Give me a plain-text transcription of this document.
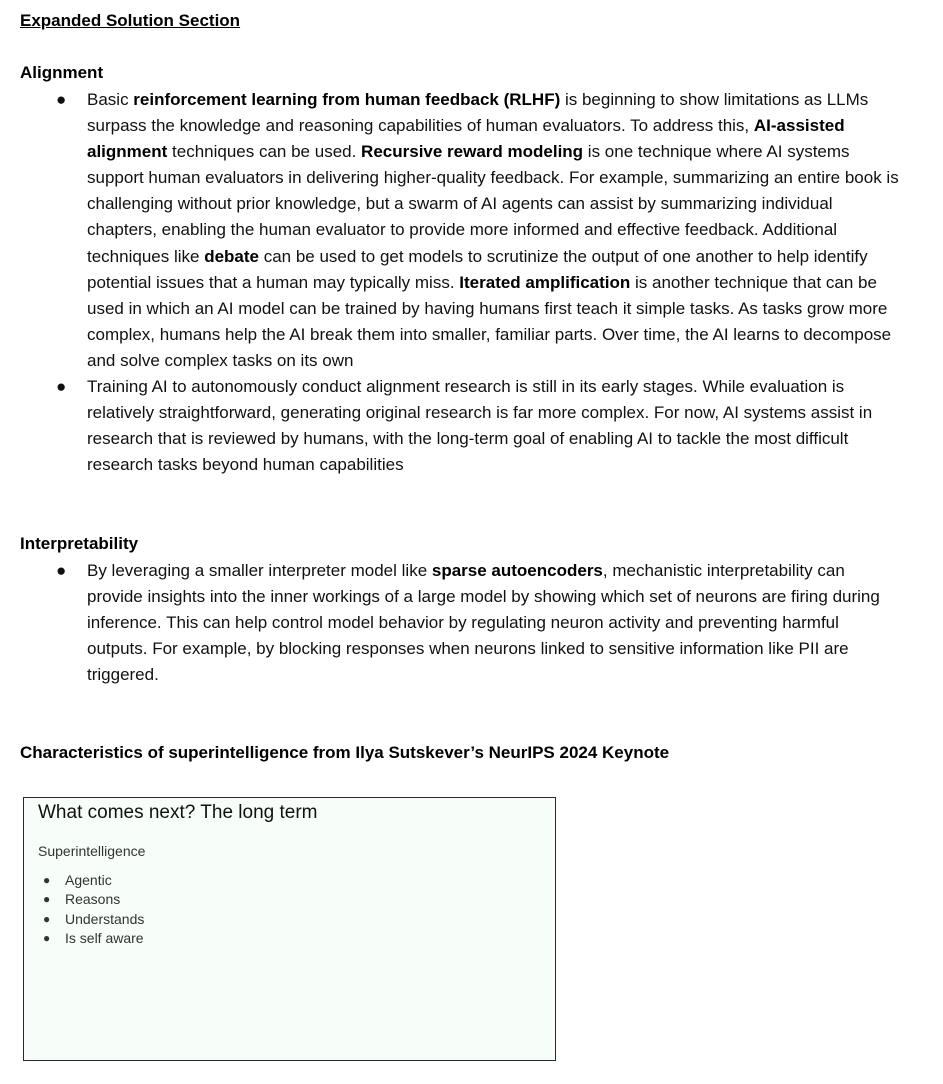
Expanded Solution Section
Alignment
● Basic reinforcement learning from human feedback (RLHF) is beginning to show limitations as LLMs surpass the knowledge and reasoning capabilities of human evaluators. To address this, AI-assisted alignment techniques can be used. Recursive reward modeling is one technique where AI systems support human evaluators in delivering higher-quality feedback. For example, summarizing an entire book is challenging without prior knowledge, but a swarm of AI agents can assist by summarizing individual chapters, enabling the human evaluator to provide more informed and effective feedback. Additional techniques like debate can be used to get models to scrutinize the output of one another to help identify potential issues that a human may typically miss. Iterated amplification is another technique that can be used in which an AI model can be trained by having humans first teach it simple tasks. As tasks grow more complex, humans help the AI break them into smaller, familiar parts. Over time, the AI learns to decompose and solve complex tasks on its own
● Training AI to autonomously conduct alignment research is still in its early stages. While evaluation is relatively straightforward, generating original research is far more complex. For now, AI systems assist in research that is reviewed by humans, with the long-term goal of enabling AI to tackle the most difficult research tasks beyond human capabilities
Interpretability
● By leveraging a smaller interpreter model like sparse autoencoders, mechanistic interpretability can provide insights into the inner workings of a large model by showing which set of neurons are firing during inference. This can help control model behavior by regulating neuron activity and preventing harmful outputs. For example, by blocking responses when neurons linked to sensitive information like PII are triggered.
Characteristics of superintelligence from Ilya Sutskever’s NeurIPS 2024 Keynote
What comes next? The long term
Superintelligence
● Agentic
● Reasons
● Understands
● Is self aware
